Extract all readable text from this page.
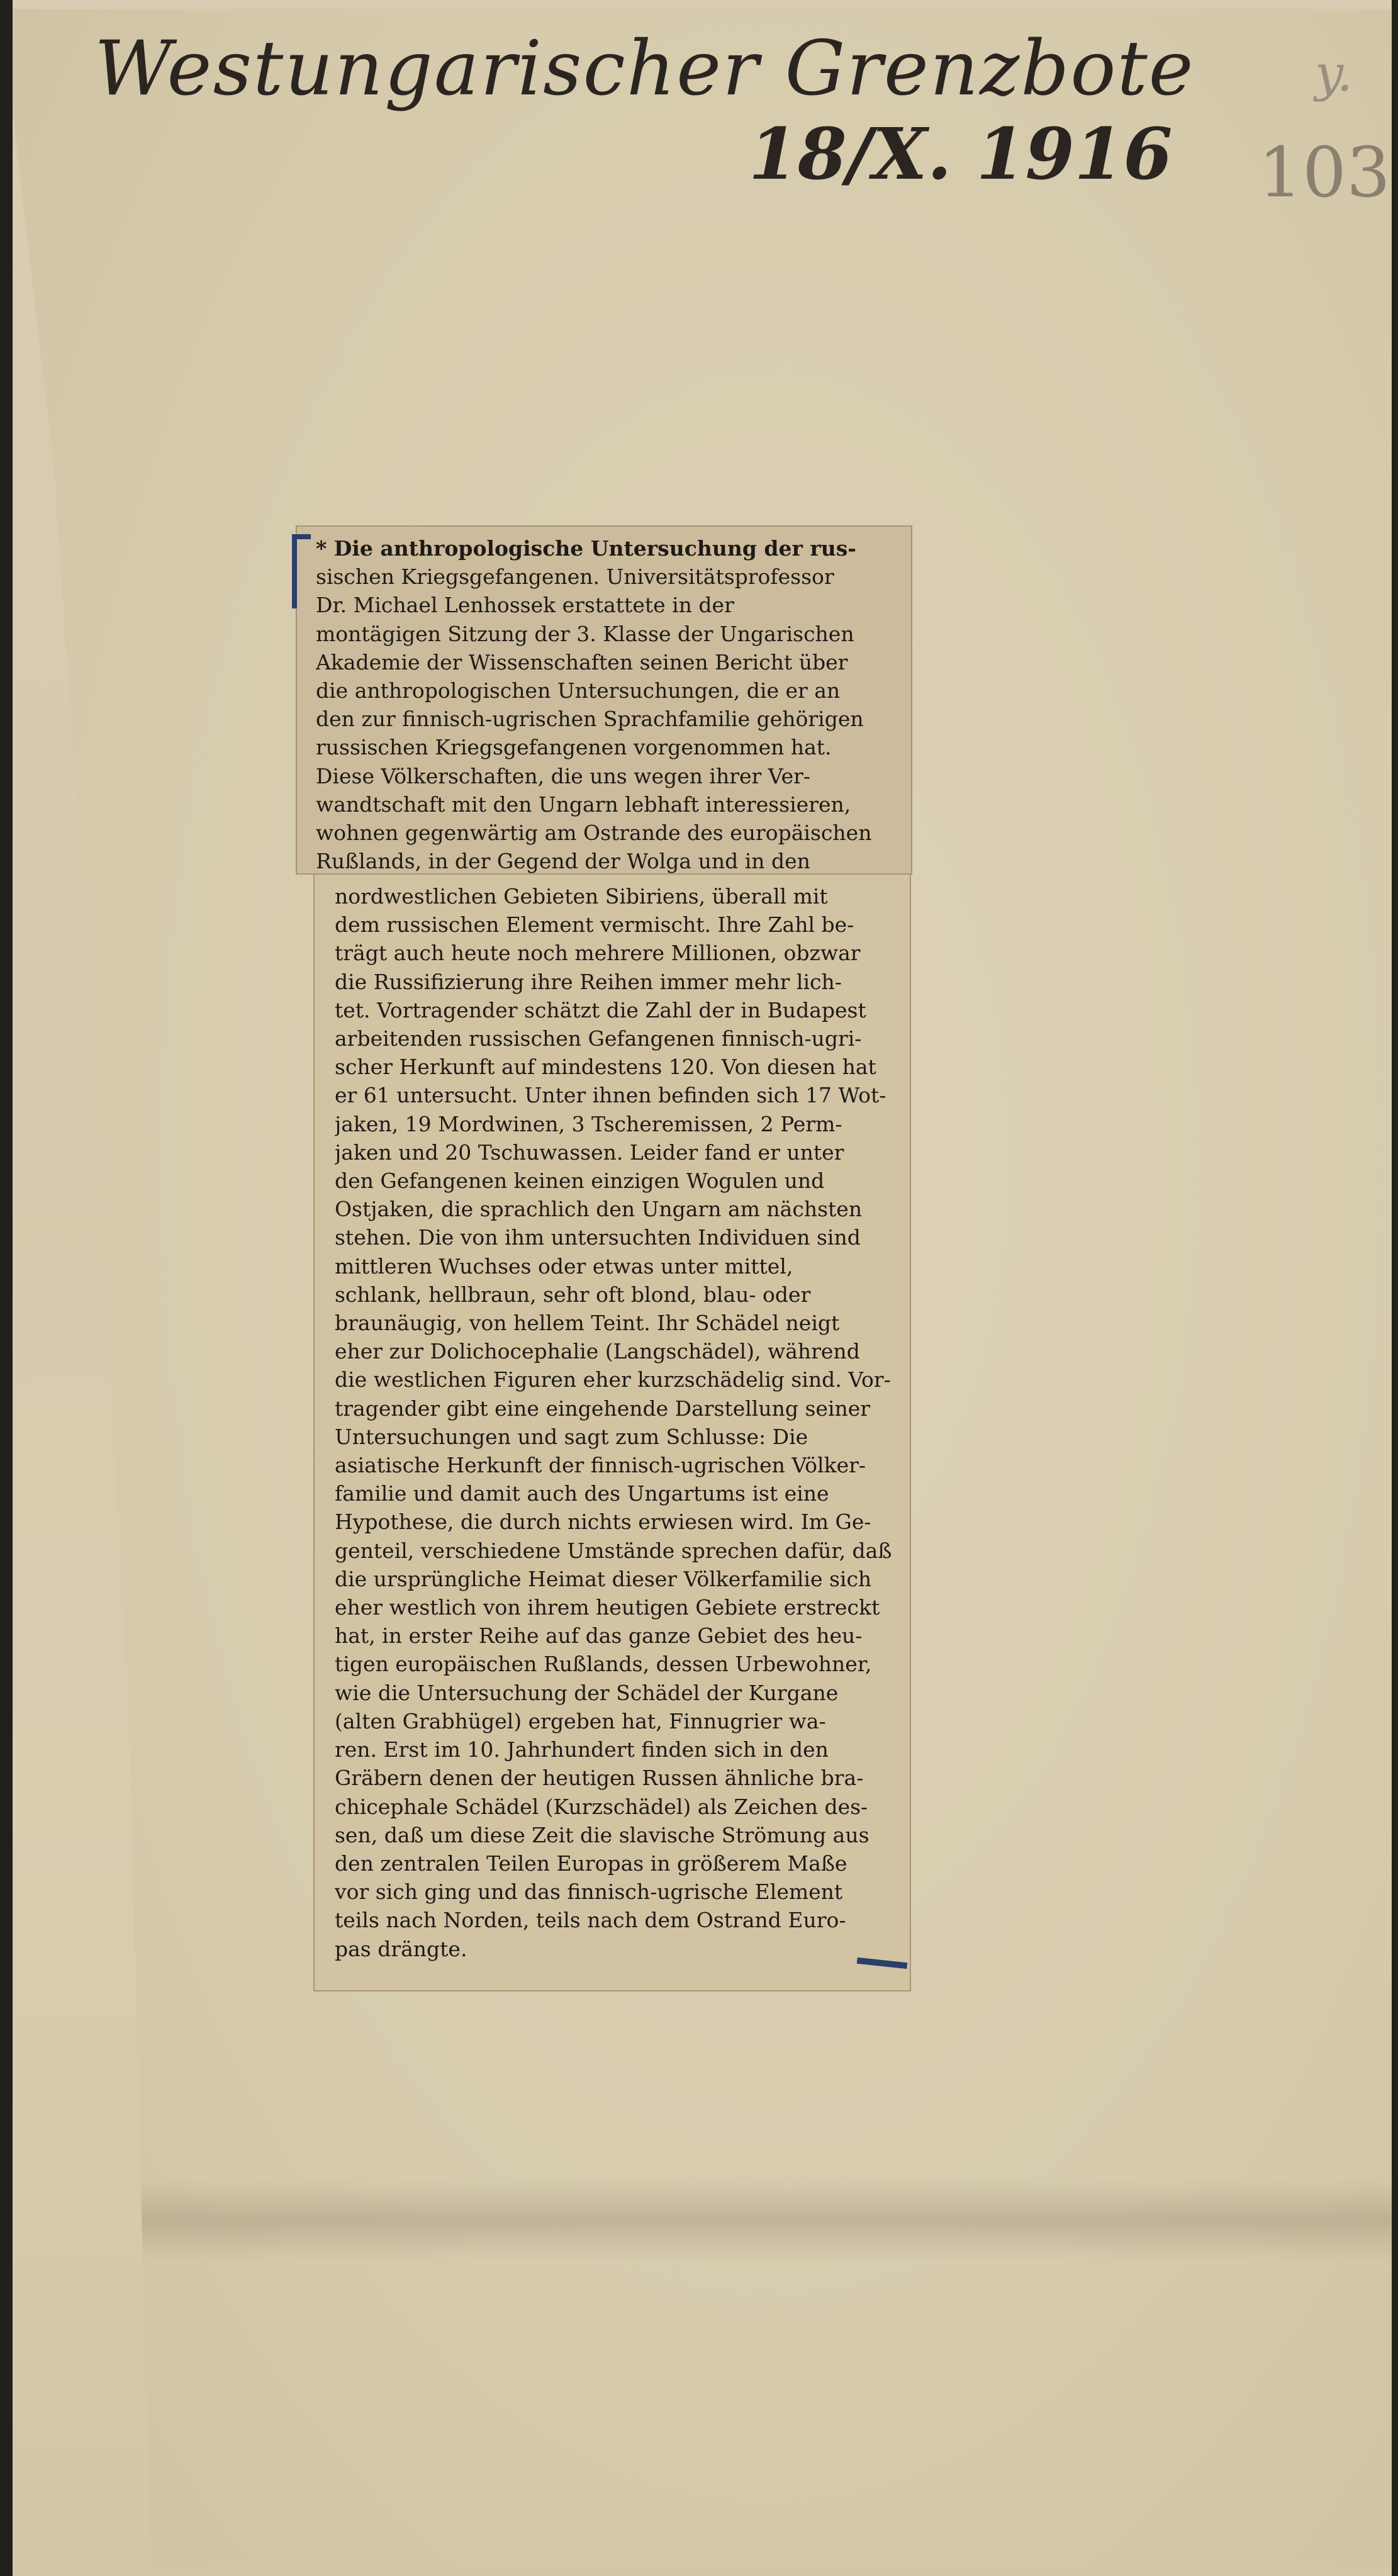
Westungarischer Grenzbote
18/X. 1916 103
y.
* Die anthropologische Untersuchung der rus-
sischen Kriegsgefangenen. Universitätsprofessor
Dr. Michael Lenhossek erstattete in der
montägigen Sitzung der 3. Klasse der Ungarischen
Akademie der Wissenschaften seinen Bericht über
die anthropologischen Untersuchungen, die er an
den zur finnisch-ugrischen Sprachfamilie gehörigen
russischen Kriegsgefangenen vorgenommen hat.
Diese Völkerschaften, die uns wegen ihrer Ver-
wandtschaft mit den Ungarn lebhaft interessieren,
wohnen gegenwärtig am Ostrande des europäischen
Rußlands, in der Gegend der Wolga und in den
nordwestlichen Gebieten Sibiriens, überall mit
dem russischen Element vermischt. Ihre Zahl be-
trägt auch heute noch mehrere Millionen, obzwar
die Russifizierung ihre Reihen immer mehr lich-
tet. Vortragender schätzt die Zahl der in Budapest
arbeitenden russischen Gefangenen finnisch-ugri-
scher Herkunft auf mindestens 120. Von diesen hat
er 61 untersucht. Unter ihnen befinden sich 17 Wot-
jaken, 19 Mordwinen, 3 Tscheremissen, 2 Perm-
jaken und 20 Tschuwassen. Leider fand er unter
den Gefangenen keinen einzigen Wogulen und
Ostjaken, die sprachlich den Ungarn am nächsten
stehen. Die von ihm untersuchten Individuen sind
mittleren Wuchses oder etwas unter mittel,
schlank, hellbraun, sehr oft blond, blau- oder
braunäugig, von hellem Teint. Ihr Schädel neigt
eher zur Dolichocephalie (Langschädel), während
die westlichen Figuren eher kurzschädelig sind. Vor-
tragender gibt eine eingehende Darstellung seiner
Untersuchungen und sagt zum Schlusse: Die
asiatische Herkunft der finnisch-ugrischen Völker-
familie und damit auch des Ungartums ist eine
Hypothese, die durch nichts erwiesen wird. Im Ge-
genteil, verschiedene Umstände sprechen dafür, daß
die ursprüngliche Heimat dieser Völkerfamilie sich
eher westlich von ihrem heutigen Gebiete erstreckt
hat, in erster Reihe auf das ganze Gebiet des heu-
tigen europäischen Rußlands, dessen Urbewohner,
wie die Untersuchung der Schädel der Kurgane
(alten Grabhügel) ergeben hat, Finnugrier wa-
ren. Erst im 10. Jahrhundert finden sich in den
Gräbern denen der heutigen Russen ähnliche bra-
chicephale Schädel (Kurzschädel) als Zeichen des-
sen, daß um diese Zeit die slavische Strömung aus
den zentralen Teilen Europas in größerem Maße
vor sich ging und das finnisch-ugrische Element
teils nach Norden, teils nach dem Ostrand Euro-
pas drängte.
